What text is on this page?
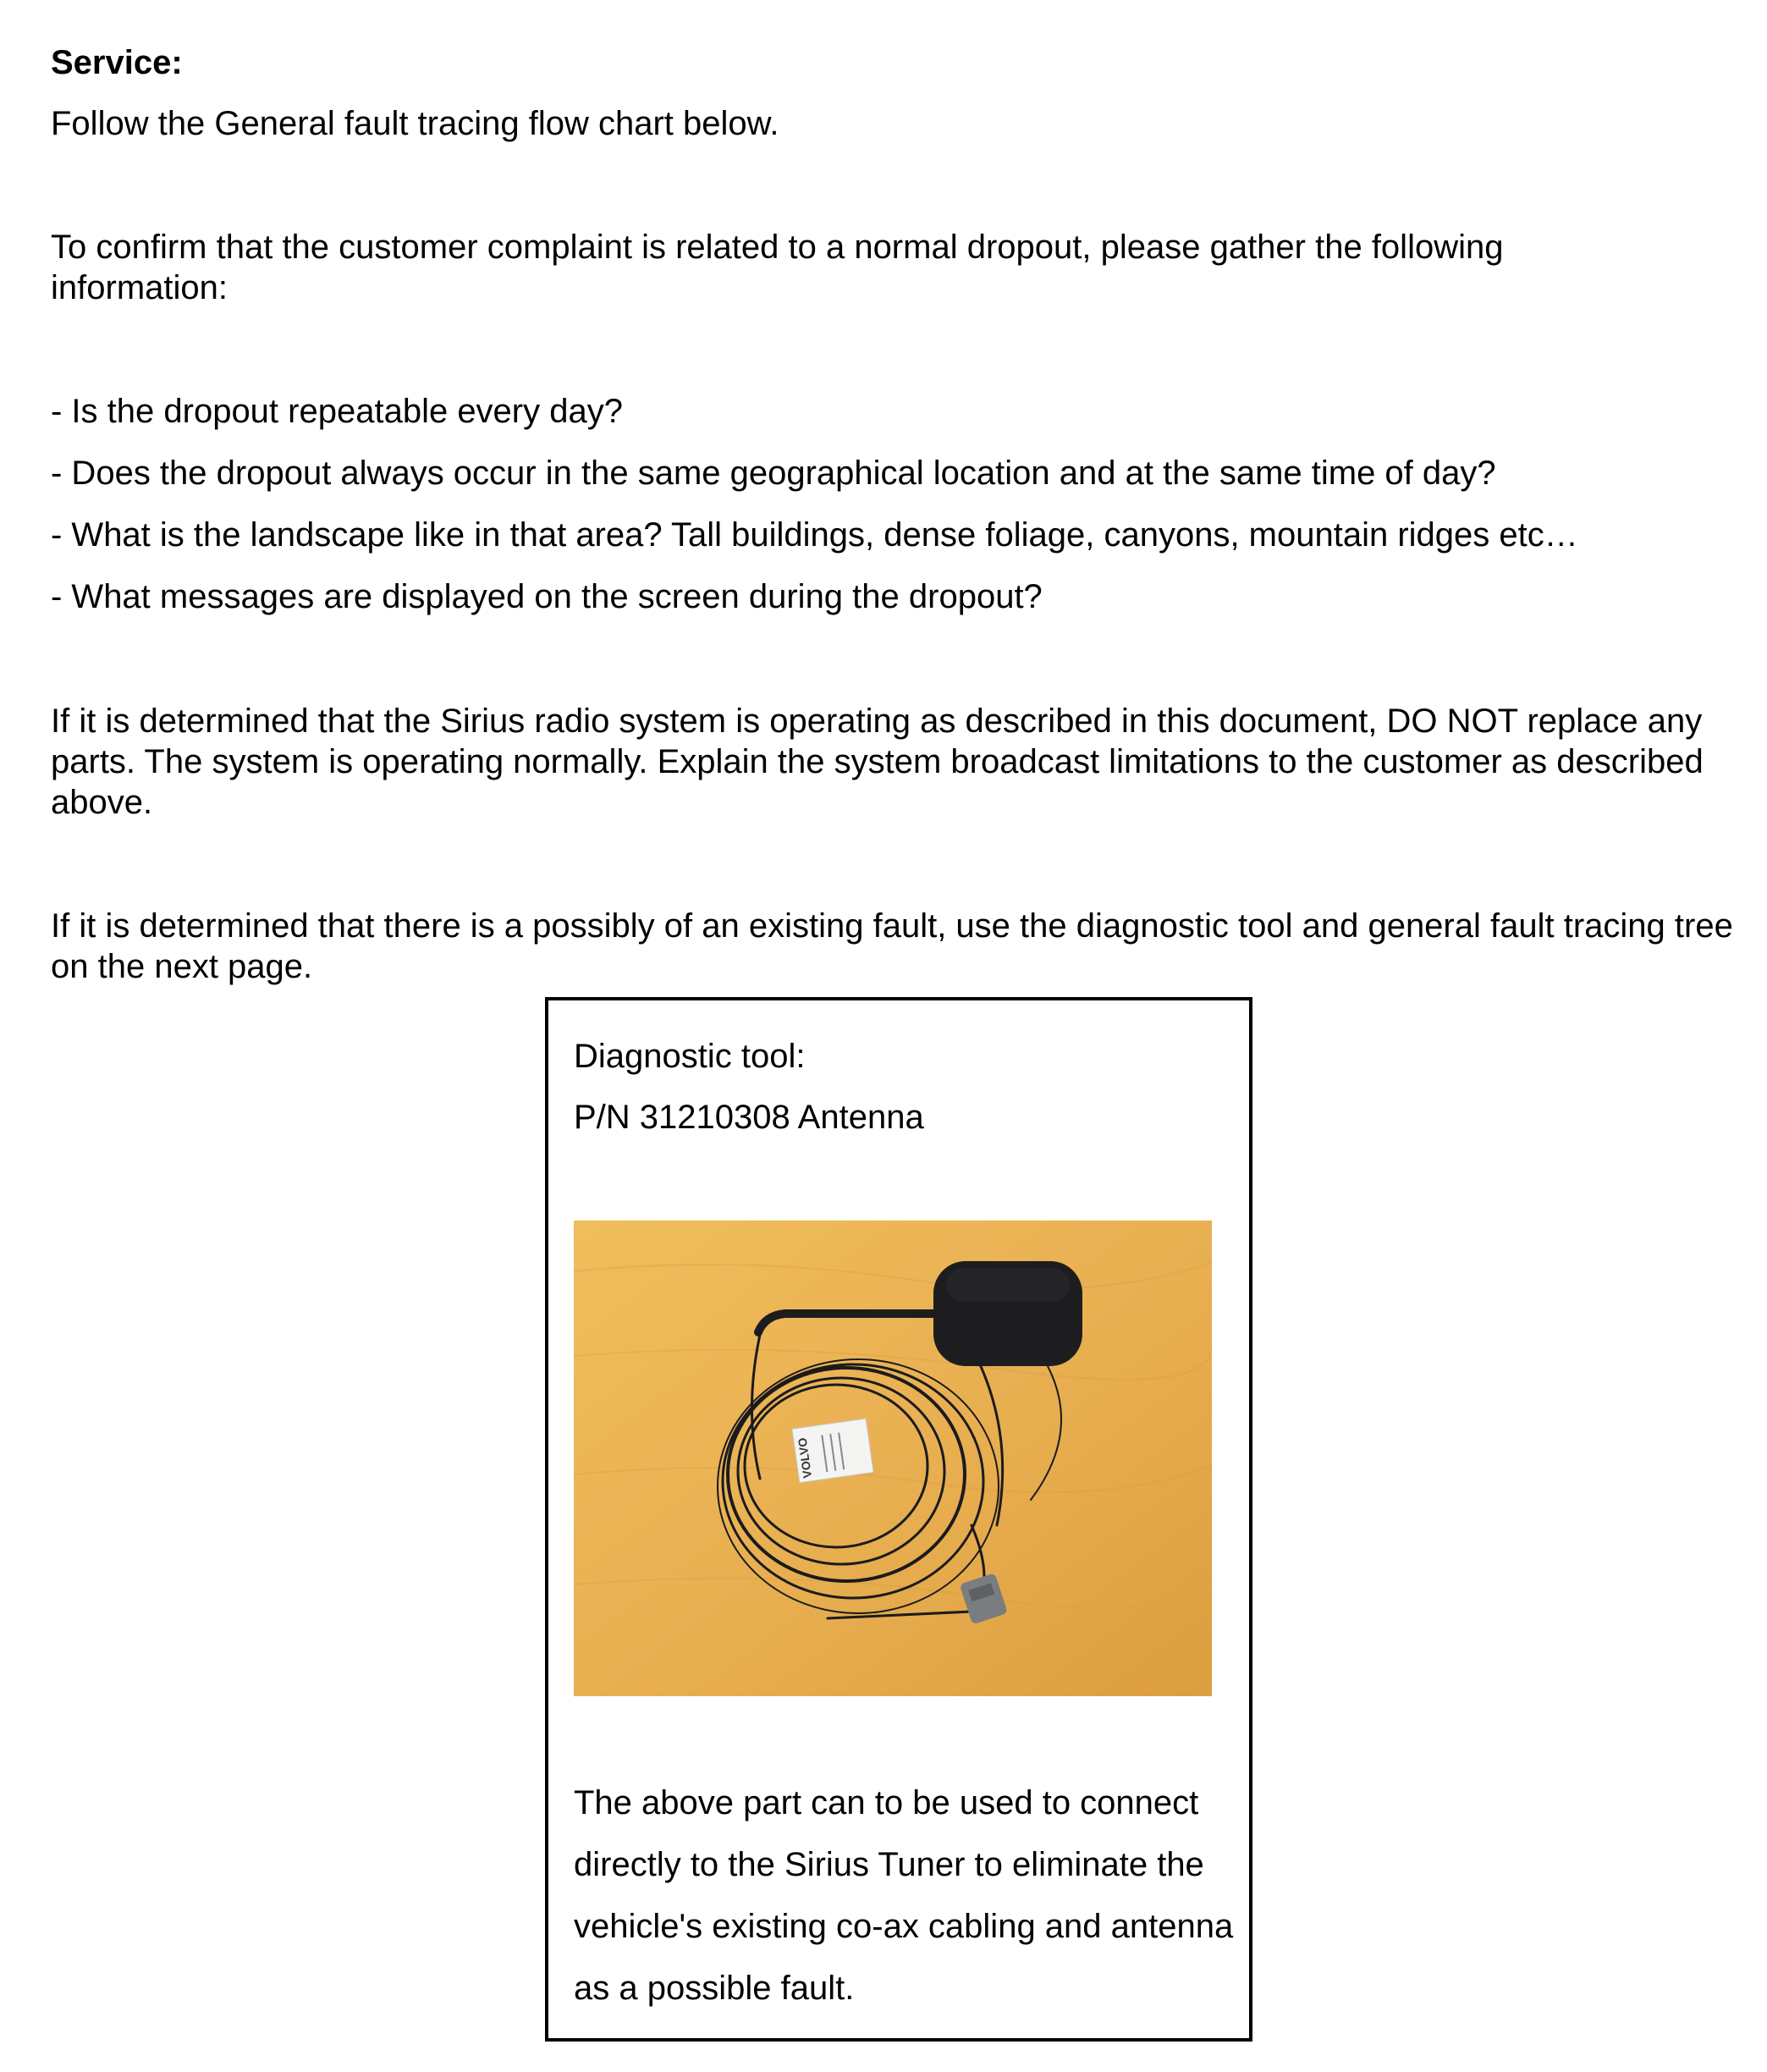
Service:
Follow the General fault tracing flow chart below.
To confirm that the customer complaint is related to a normal dropout, please gather the following information:
- Is the dropout repeatable every day?
- Does the dropout always occur in the same geographical location and at the same time of day?
- What is the landscape like in that area? Tall buildings, dense foliage, canyons, mountain ridges etc…
- What messages are displayed on the screen during the dropout?
If it is determined that the Sirius radio system is operating as described in this document, DO NOT replace any parts. The system is operating normally. Explain the system broadcast limitations to the customer as described above.
If it is determined that there is a possibly of an existing fault, use the diagnostic tool and general fault tracing tree on the next page.
Diagnostic tool:
P/N 31210308 Antenna
VOLVO
The above part can to be used to connect directly to the Sirius Tuner to eliminate the vehicle's existing co-ax cabling and antenna as a possible fault.
